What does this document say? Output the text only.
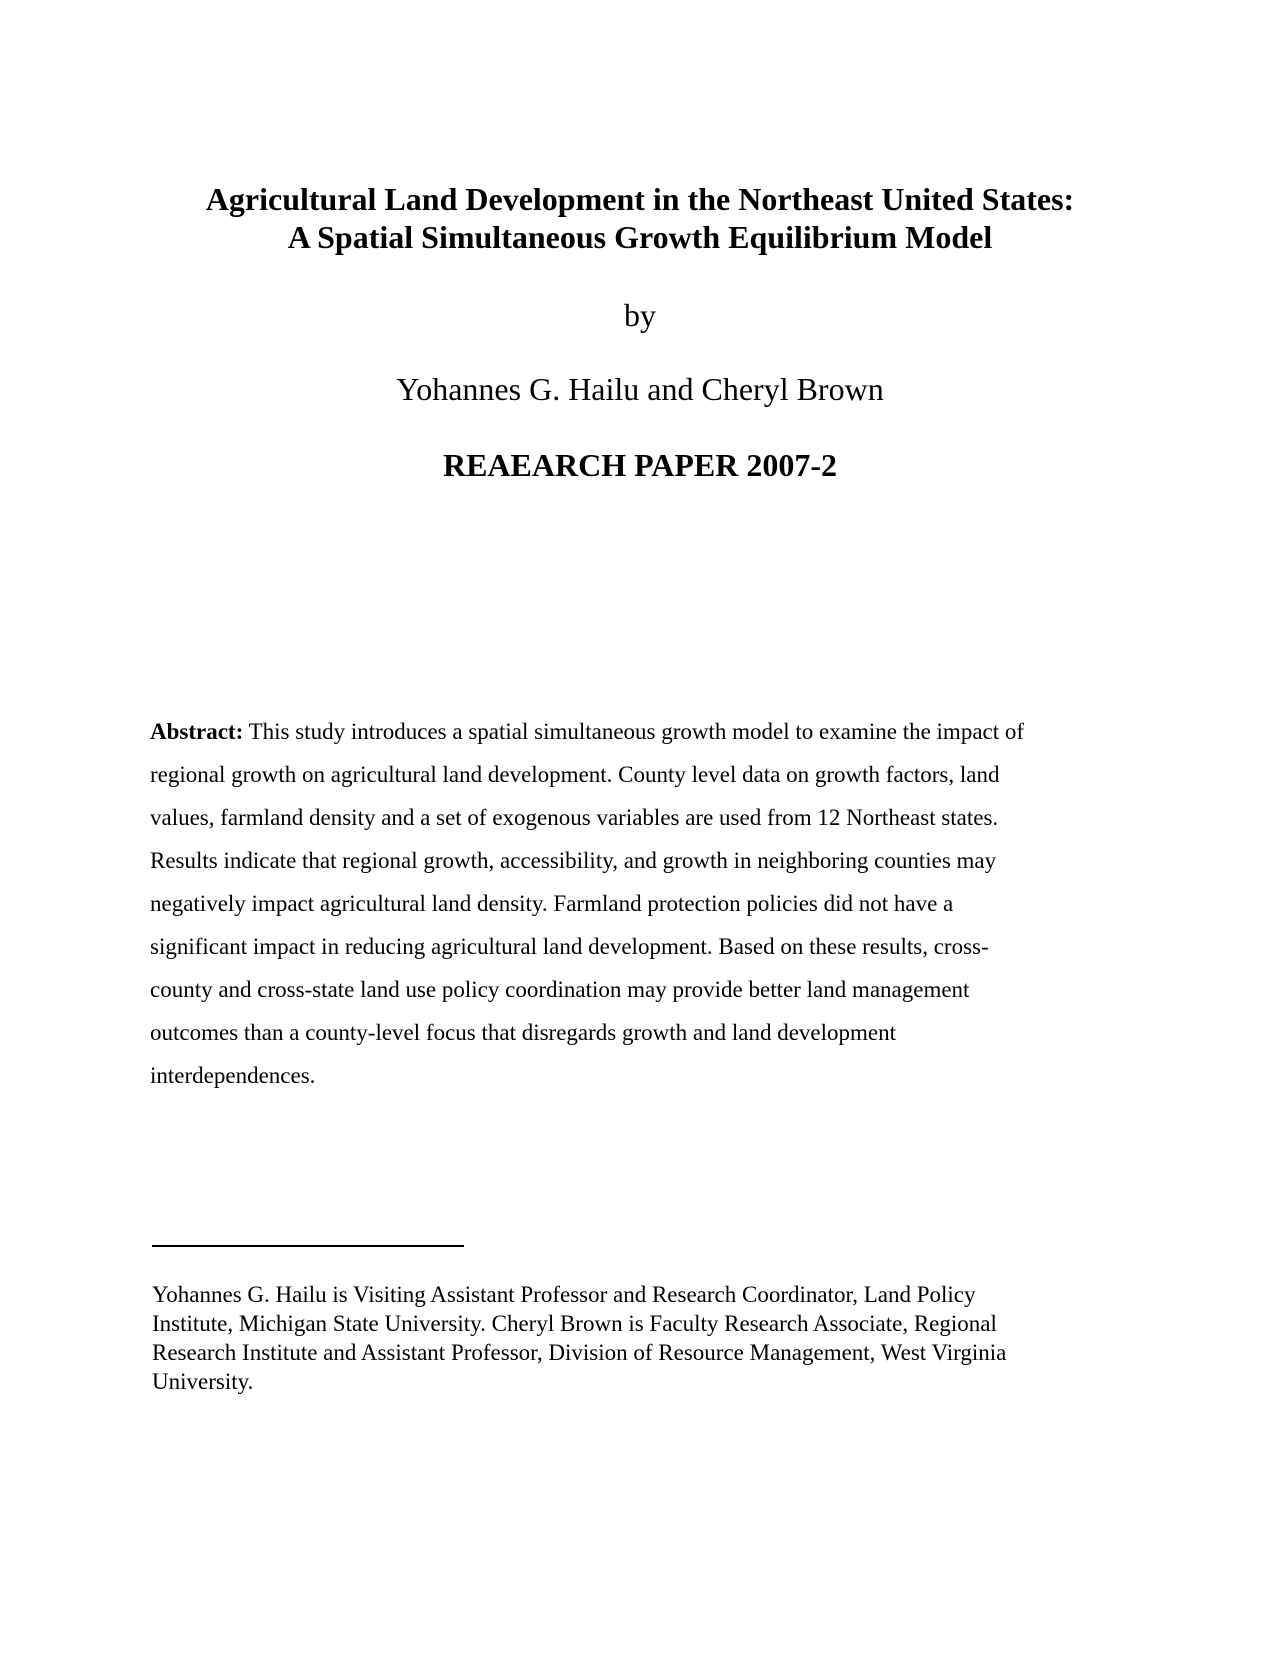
Agricultural Land Development in the Northeast United States:
A Spatial Simultaneous Growth Equilibrium Model
by
Yohannes G. Hailu and Cheryl Brown
REAEARCH PAPER 2007-2
Abstract: This study introduces a spatial simultaneous growth model to examine the impact of
regional growth on agricultural land development. County level data on growth factors, land
values, farmland density and a set of exogenous variables are used from 12 Northeast states.
Results indicate that regional growth, accessibility, and growth in neighboring counties may
negatively impact agricultural land density. Farmland protection policies did not have a
significant impact in reducing agricultural land development. Based on these results, cross-
county and cross-state land use policy coordination may provide better land management
outcomes than a county-level focus that disregards growth and land development
interdependences.
Yohannes G. Hailu is Visiting Assistant Professor and Research Coordinator, Land Policy
Institute, Michigan State University. Cheryl Brown is Faculty Research Associate, Regional
Research Institute and Assistant Professor, Division of Resource Management, West Virginia
University.
